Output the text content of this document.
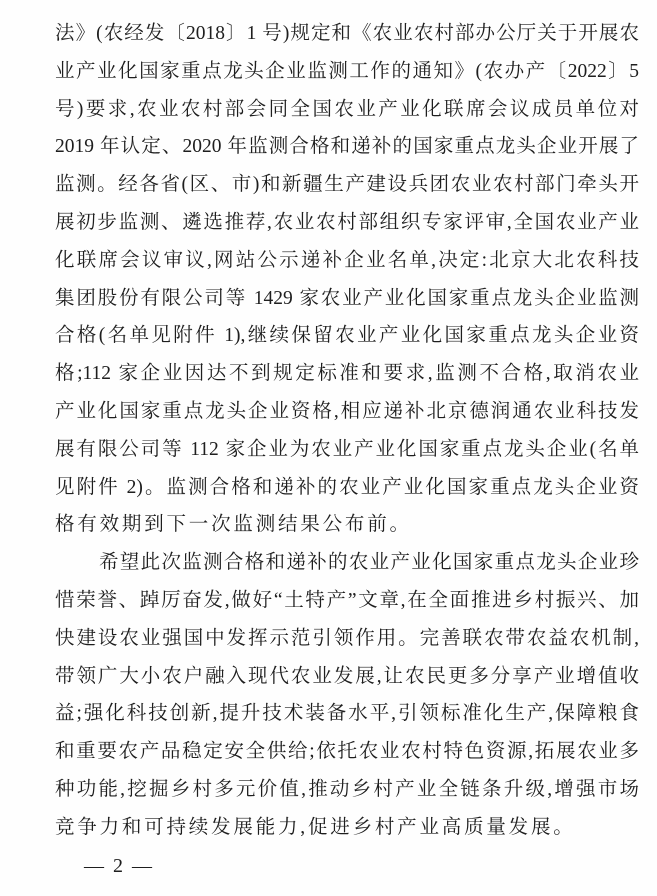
法》(农经发〔2018〕1 号)规定和《农业农村部办公厅关于开展农
业产业化国家重点龙头企业监测工作的通知》(农办产〔2022〕5
号)要求,农业农村部会同全国农业产业化联席会议成员单位对
2019 年认定、2020 年监测合格和递补的国家重点龙头企业开展了
监测。经各省(区、市)和新疆生产建设兵团农业农村部门牵头开
展初步监测、遴选推荐,农业农村部组织专家评审,全国农业产业
化联席会议审议,网站公示递补企业名单,决定:北京大北农科技
集团股份有限公司等 1429 家农业产业化国家重点龙头企业监测
合格(名单见附件 1),继续保留农业产业化国家重点龙头企业资
格;112 家企业因达不到规定标准和要求,监测不合格,取消农业
产业化国家重点龙头企业资格,相应递补北京德润通农业科技发
展有限公司等 112 家企业为农业产业化国家重点龙头企业(名单
见附件 2)。监测合格和递补的农业产业化国家重点龙头企业资
格有效期到下一次监测结果公布前。
希望此次监测合格和递补的农业产业化国家重点龙头企业珍
惜荣誉、踔厉奋发,做好“土特产”文章,在全面推进乡村振兴、加
快建设农业强国中发挥示范引领作用。完善联农带农益农机制,
带领广大小农户融入现代农业发展,让农民更多分享产业增值收
益;强化科技创新,提升技术装备水平,引领标准化生产,保障粮食
和重要农产品稳定安全供给;依托农业农村特色资源,拓展农业多
种功能,挖掘乡村多元价值,推动乡村产业全链条升级,增强市场
竞争力和可持续发展能力,促进乡村产业高质量发展。
— 2 —
